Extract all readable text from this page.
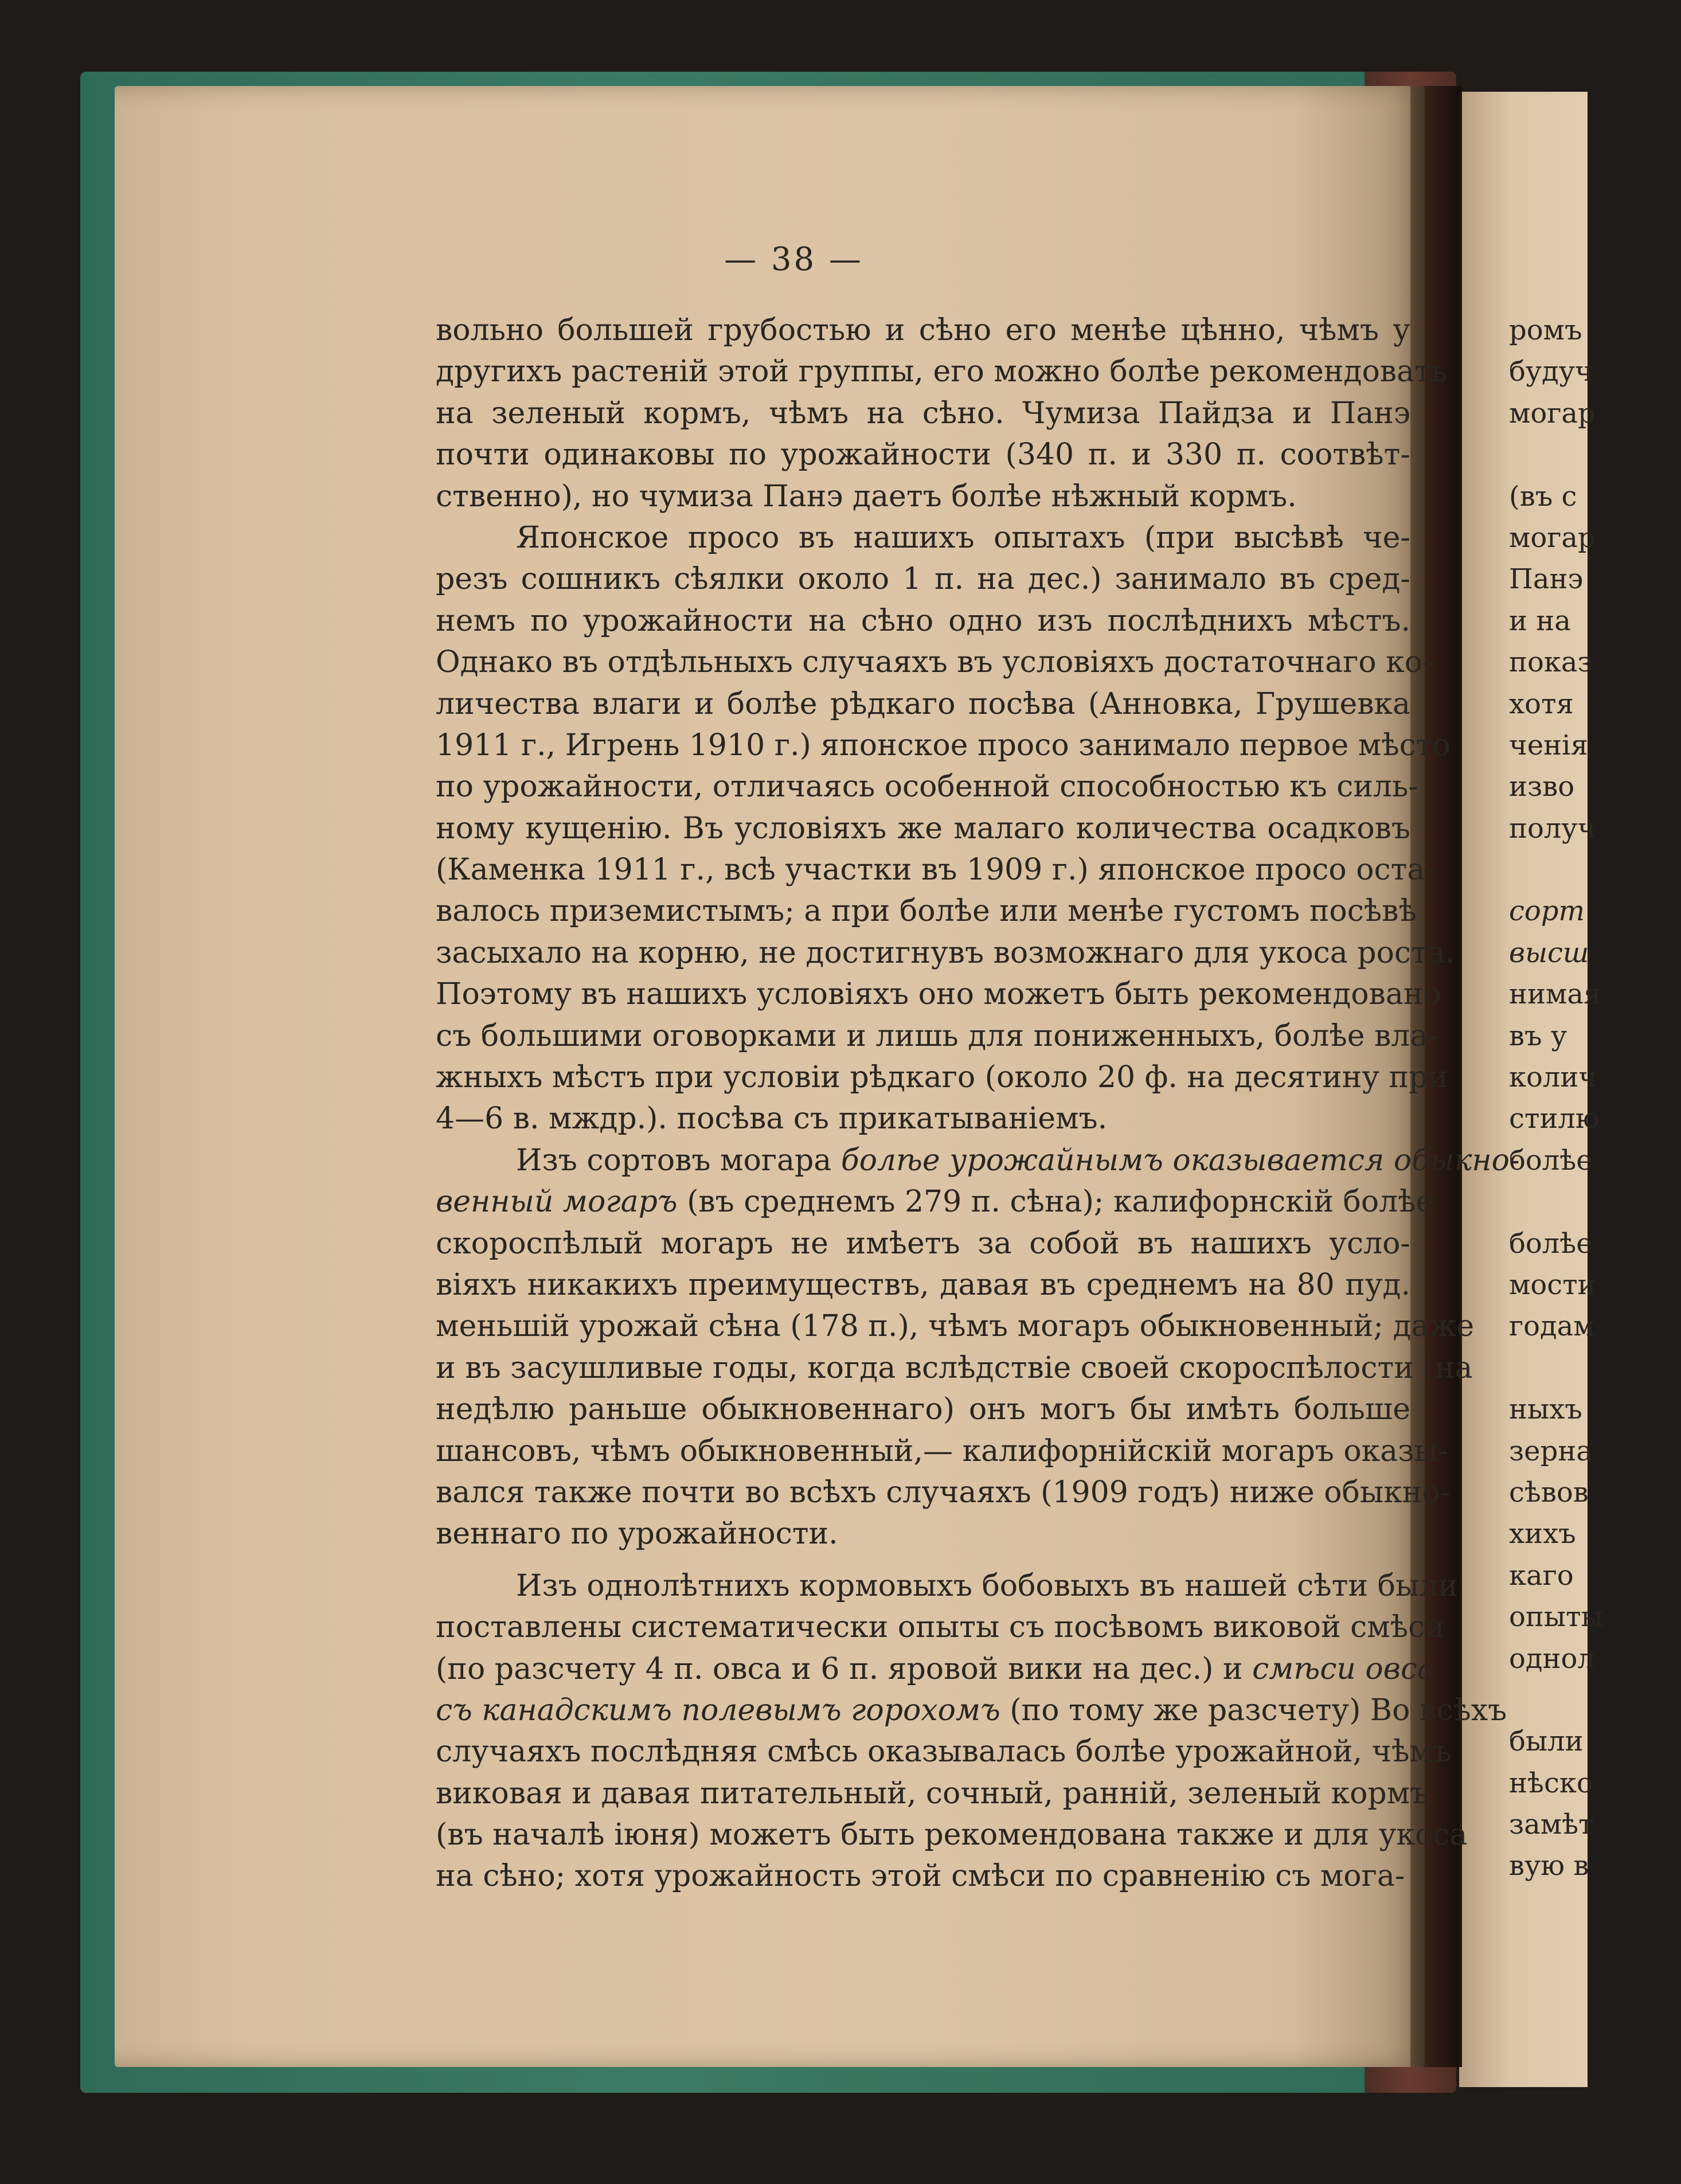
— 38 —
вольно большей грубостью и сѣно его менѣе цѣнно, чѣмъ у
другихъ растеній этой группы, его можно болѣе рекомендовать
на зеленый кормъ, чѣмъ на сѣно. Чумиза Пайдза и Панэ
почти одинаковы по урожайности (340 п. и 330 п. соотвѣт-
ственно), но чумиза Панэ даетъ болѣе нѣжный кормъ.
Японское просо въ нашихъ опытахъ (при высѣвѣ че-
резъ сошникъ сѣялки около 1 п. на дес.) занимало въ сред-
немъ по урожайности на сѣно одно изъ послѣднихъ мѣстъ.
Однако въ отдѣльныхъ случаяхъ въ условіяхъ достаточнаго ко-
личества влаги и болѣе рѣдкаго посѣва (Анновка, Грушевка
1911 г., Игрень 1910 г.) японское просо занимало первое мѣсто
по урожайности, отличаясь особенной способностью къ силь-
ному кущенію. Въ условіяхъ же малаго количества осадковъ
(Каменка 1911 г., всѣ участки въ 1909 г.) японское просо оста-
валось приземистымъ; а при болѣе или менѣе густомъ посѣвѣ
засыхало на корню, не достигнувъ возможнаго для укоса роста.
Поэтому въ нашихъ условіяхъ оно можетъ быть рекомендовано
съ большими оговорками и лишь для пониженныхъ, болѣе вла-
жныхъ мѣстъ при условіи рѣдкаго (около 20 ф. на десятину при
4—6 в. мждр.). посѣва съ прикатываніемъ.
Изъ сортовъ могара болѣе урожайнымъ оказывается обыкно-
венный могаръ (въ среднемъ 279 п. сѣна); калифорнскій болѣе
скороспѣлый могаръ не имѣетъ за собой въ нашихъ усло-
віяхъ никакихъ преимуществъ, давая въ среднемъ на 80 пуд.
меньшій урожай сѣна (178 п.), чѣмъ могаръ обыкновенный; даже
и въ засушливые годы, когда вслѣдствіе своей скороспѣлости (на
недѣлю раньше обыкновеннаго) онъ могъ бы имѣть больше
шансовъ, чѣмъ обыкновенный,— калифорнійскій могаръ оказы-
вался также почти во всѣхъ случаяхъ (1909 годъ) ниже обыкно-
веннаго по урожайности.
Изъ однолѣтнихъ кормовыхъ бобовыхъ въ нашей сѣти были
поставлены систематически опыты съ посѣвомъ виковой смѣси
(по разсчету 4 п. овса и 6 п. яровой вики на дес.) и смѣси овса
съ канадскимъ полевымъ горохомъ (по тому же разсчету) Во всѣхъ
случаяхъ послѣдняя смѣсь оказывалась болѣе урожайной, чѣмъ
виковая и давая питательный, сочный, ранній, зеленый кормъ
(въ началѣ іюня) можетъ быть рекомендована также и для укоса
на сѣно; хотя урожайность этой смѣси по сравненію съ мога-
ромъ
будуч
могар
(въ с
могар
Панэ
и на
показ
хотя
ченія
изво
получ
сорт
высш
нимая
въ у
колич
стилю
болѣе
болѣе
мости
годам
ныхъ
зерна
сѣвов
хихъ
каго
опыты
однол
были
нѣско
замѣт
вую в
